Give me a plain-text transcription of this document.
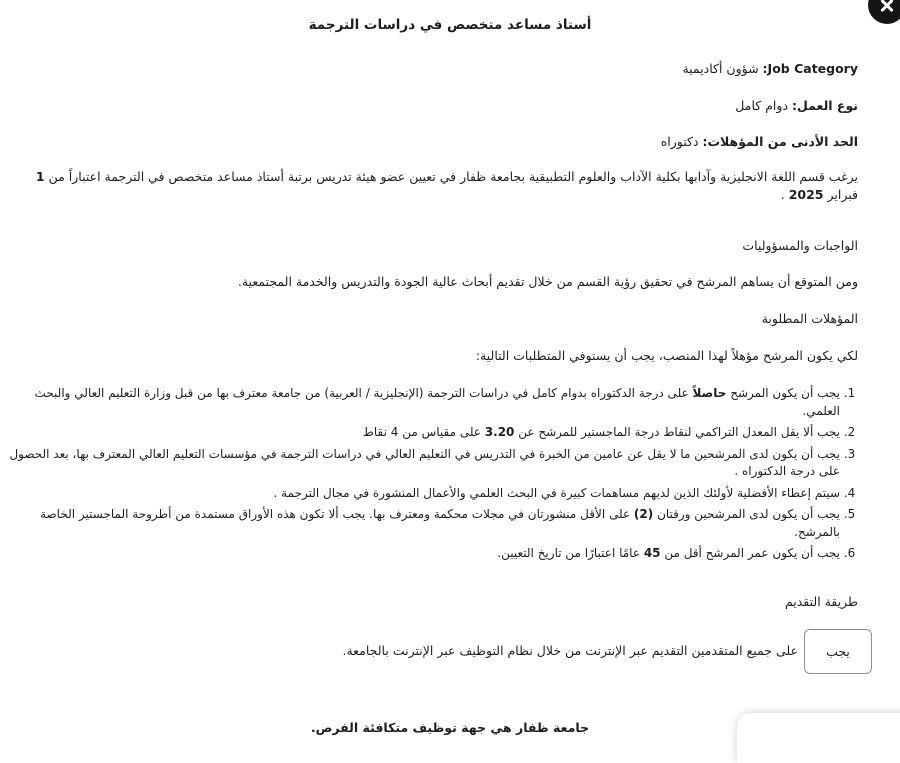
أستاذ مساعد متخصص في دراسات الترجمة

Job Category: شؤون أكاديمية

نوع العمل: دوام كامل

الحد الأدنى من المؤهلات: دكتوراه

يرغب قسم اللغة الانجليزية وآدابها بكلية الآداب والعلوم التطبيقية بجامعة ظفار في تعيين عضو هيئة تدريس برتبة أستاذ مساعد متخصص في الترجمة اعتباراً من 1 فبراير 2025 .

الواجبات والمسؤوليات

ومن المتوقع أن يساهم المرشح في تحقيق رؤية القسم من خلال تقديم أبحاث عالية الجودة والتدريس والخدمة المجتمعية.

المؤهلات المطلوبة

لكي يكون المرشح مؤهلاً لهذا المنصب، يجب أن يستوفي المتطلبات التالية:

1. يجب أن يكون المرشح حاصلاً على درجة الدكتوراه بدوام كامل في دراسات الترجمة (الإنجليزية / العربية) من جامعة معترف بها من قبل وزارة التعليم العالي والبحث العلمي.
2. يجب ألا يقل المعدل التراكمي لنقاط درجة الماجستير للمرشح عن 3.20 على مقياس من 4 نقاط
3. يجب أن يكون لدى المرشحين ما لا يقل عن عامين من الخبرة في التدريس في التعليم العالي في دراسات الترجمة في مؤسسات التعليم العالي المعترف بها، بعد الحصول على درجة الدكتوراه .
4. سيتم إعطاء الأفضلية لأولئك الذين لديهم مساهمات كبيرة في البحث العلمي والأعمال المنشورة في مجال الترجمة .
5. يجب أن يكون لدى المرشحين ورقتان (2) على الأقل منشورتان في مجلات محكمة ومعترف بها. يجب ألا تكون هذه الأوراق مستمدة من أطروحة الماجستير الخاصة بالمرشح.
6. يجب أن يكون عمر المرشح أقل من 45 عامًا اعتبارًا من تاريخ التعيين.

طريقة التقديم

يجب
على جميع المتقدمين التقديم عبر الإنترنت من خلال نظام التوظيف عبر الإنترنت بالجامعة.

جامعة ظفار هي جهة توظيف متكافئة الفرص.
